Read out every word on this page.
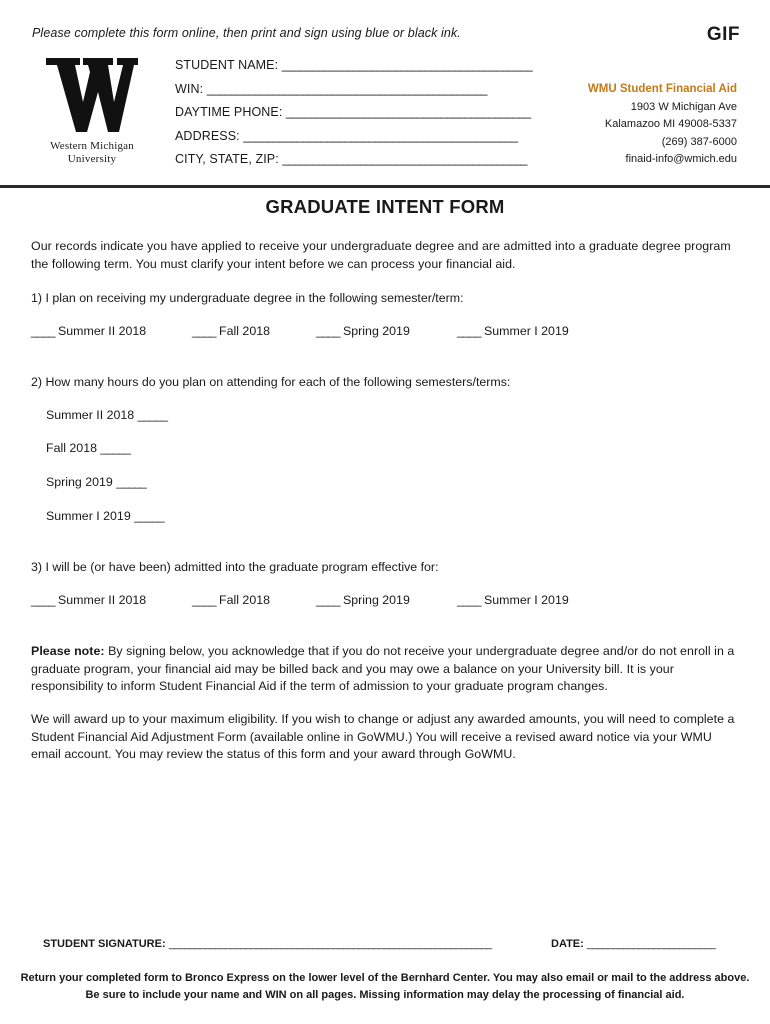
Please complete this form online, then print and sign using blue or black ink.	GIF
Western Michigan
University
STUDENT NAME: __________________________________________
WIN: _______________________________________________
DAYTIME PHONE: _________________________________________
ADDRESS: ______________________________________________
CITY, STATE, ZIP: _________________________________________
WMU Student Financial Aid
1903 W Michigan Ave
Kalamazoo MI 49008-5337
(269) 387-6000
finaid-info@wmich.edu
GRADUATE INTENT FORM
Our records indicate you have applied to receive your undergraduate degree and are admitted into a graduate degree program the following term. You must clarify your intent before we can process your financial aid.
1) I plan on receiving my undergraduate degree in the following semester/term:
____ Summer II 2018	____ Fall 2018	____ Spring 2019	____ Summer I 2019
2) How many hours do you plan on attending for each of the following semesters/terms:
Summer II 2018 _____
Fall 2018 _____
Spring 2019 _____
Summer I 2019 _____
3) I will be (or have been) admitted into the graduate program effective for:
____ Summer II 2018	____ Fall 2018	____ Spring 2019	____ Summer I 2019
Please note: By signing below, you acknowledge that if you do not receive your undergraduate degree and/or do not enroll in a graduate program, your financial aid may be billed back and you may owe a balance on your University bill. It is your responsibility to inform Student Financial Aid if the term of admission to your graduate program changes.
We will award up to your maximum eligibility. If you wish to change or adjust any awarded amounts, you will need to complete a Student Financial Aid Adjustment Form (available online in GoWMU.) You will receive a revised award notice via your WMU email account. You may review the status of this form and your award through GoWMU.
STUDENT SIGNATURE: _______________________________________________________________	DATE: _________________________
Return your completed form to Bronco Express on the lower level of the Bernhard Center. You may also email or mail to the address above.
Be sure to include your name and WIN on all pages. Missing information may delay the processing of financial aid.
